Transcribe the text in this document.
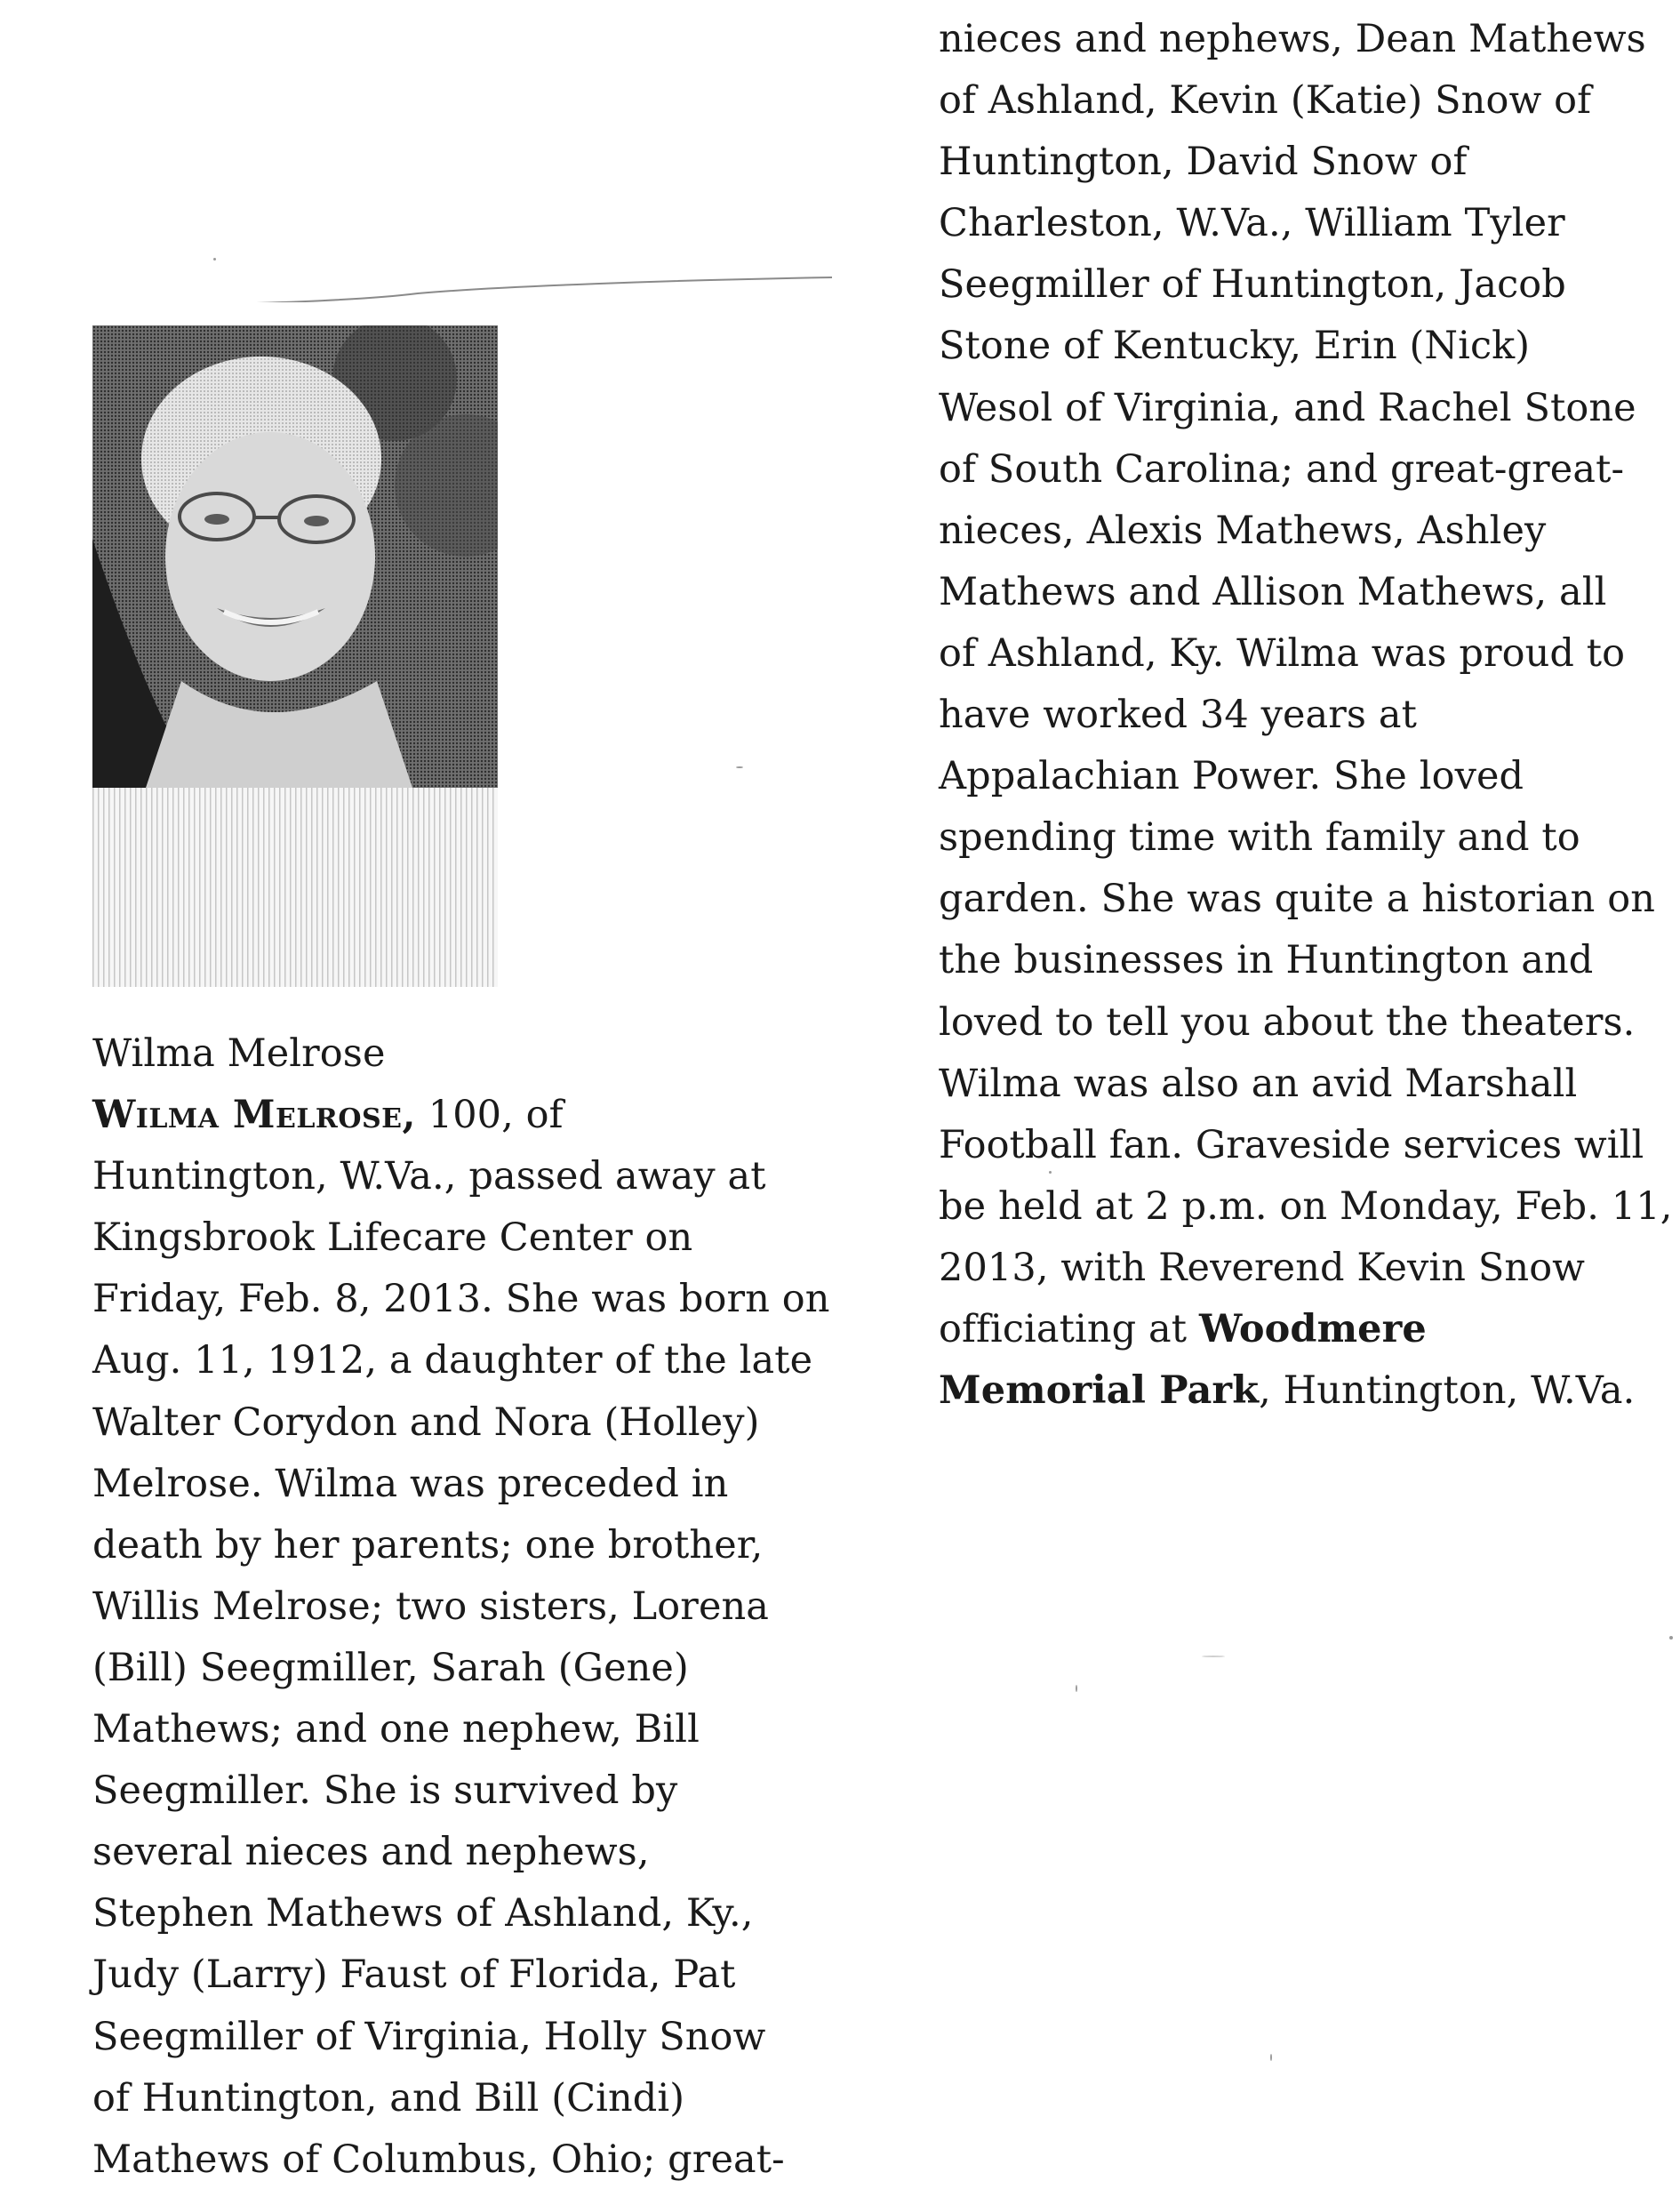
Wilma Melrose
Wilma Melrose, 100, of
Huntington, W.Va., passed away at
Kingsbrook Lifecare Center on
Friday, Feb. 8, 2013. She was born on
Aug. 11, 1912, a daughter of the late
Walter Corydon and Nora (Holley)
Melrose. Wilma was preceded in
death by her parents; one brother,
Willis Melrose; two sisters, Lorena
(Bill) Seegmiller, Sarah (Gene)
Mathews; and one nephew, Bill
Seegmiller. She is survived by
several nieces and nephews,
Stephen Mathews of Ashland, Ky.,
Judy (Larry) Faust of Florida, Pat
Seegmiller of Virginia, Holly Snow
of Huntington, and Bill (Cindi)
Mathews of Columbus, Ohio; great-
nieces and nephews, Dean Mathews
of Ashland, Kevin (Katie) Snow of
Huntington, David Snow of
Charleston, W.Va., William Tyler
Seegmiller of Huntington, Jacob
Stone of Kentucky, Erin (Nick)
Wesol of Virginia, and Rachel Stone
of South Carolina; and great-great-
nieces, Alexis Mathews, Ashley
Mathews and Allison Mathews, all
of Ashland, Ky. Wilma was proud to
have worked 34 years at
Appalachian Power. She loved
spending time with family and to
garden. She was quite a historian on
the businesses in Huntington and
loved to tell you about the theaters.
Wilma was also an avid Marshall
Football fan. Graveside services will
be held at 2 p.m. on Monday, Feb. 11,
2013, with Reverend Kevin Snow
officiating at Woodmere
Memorial Park, Huntington, W.Va.
